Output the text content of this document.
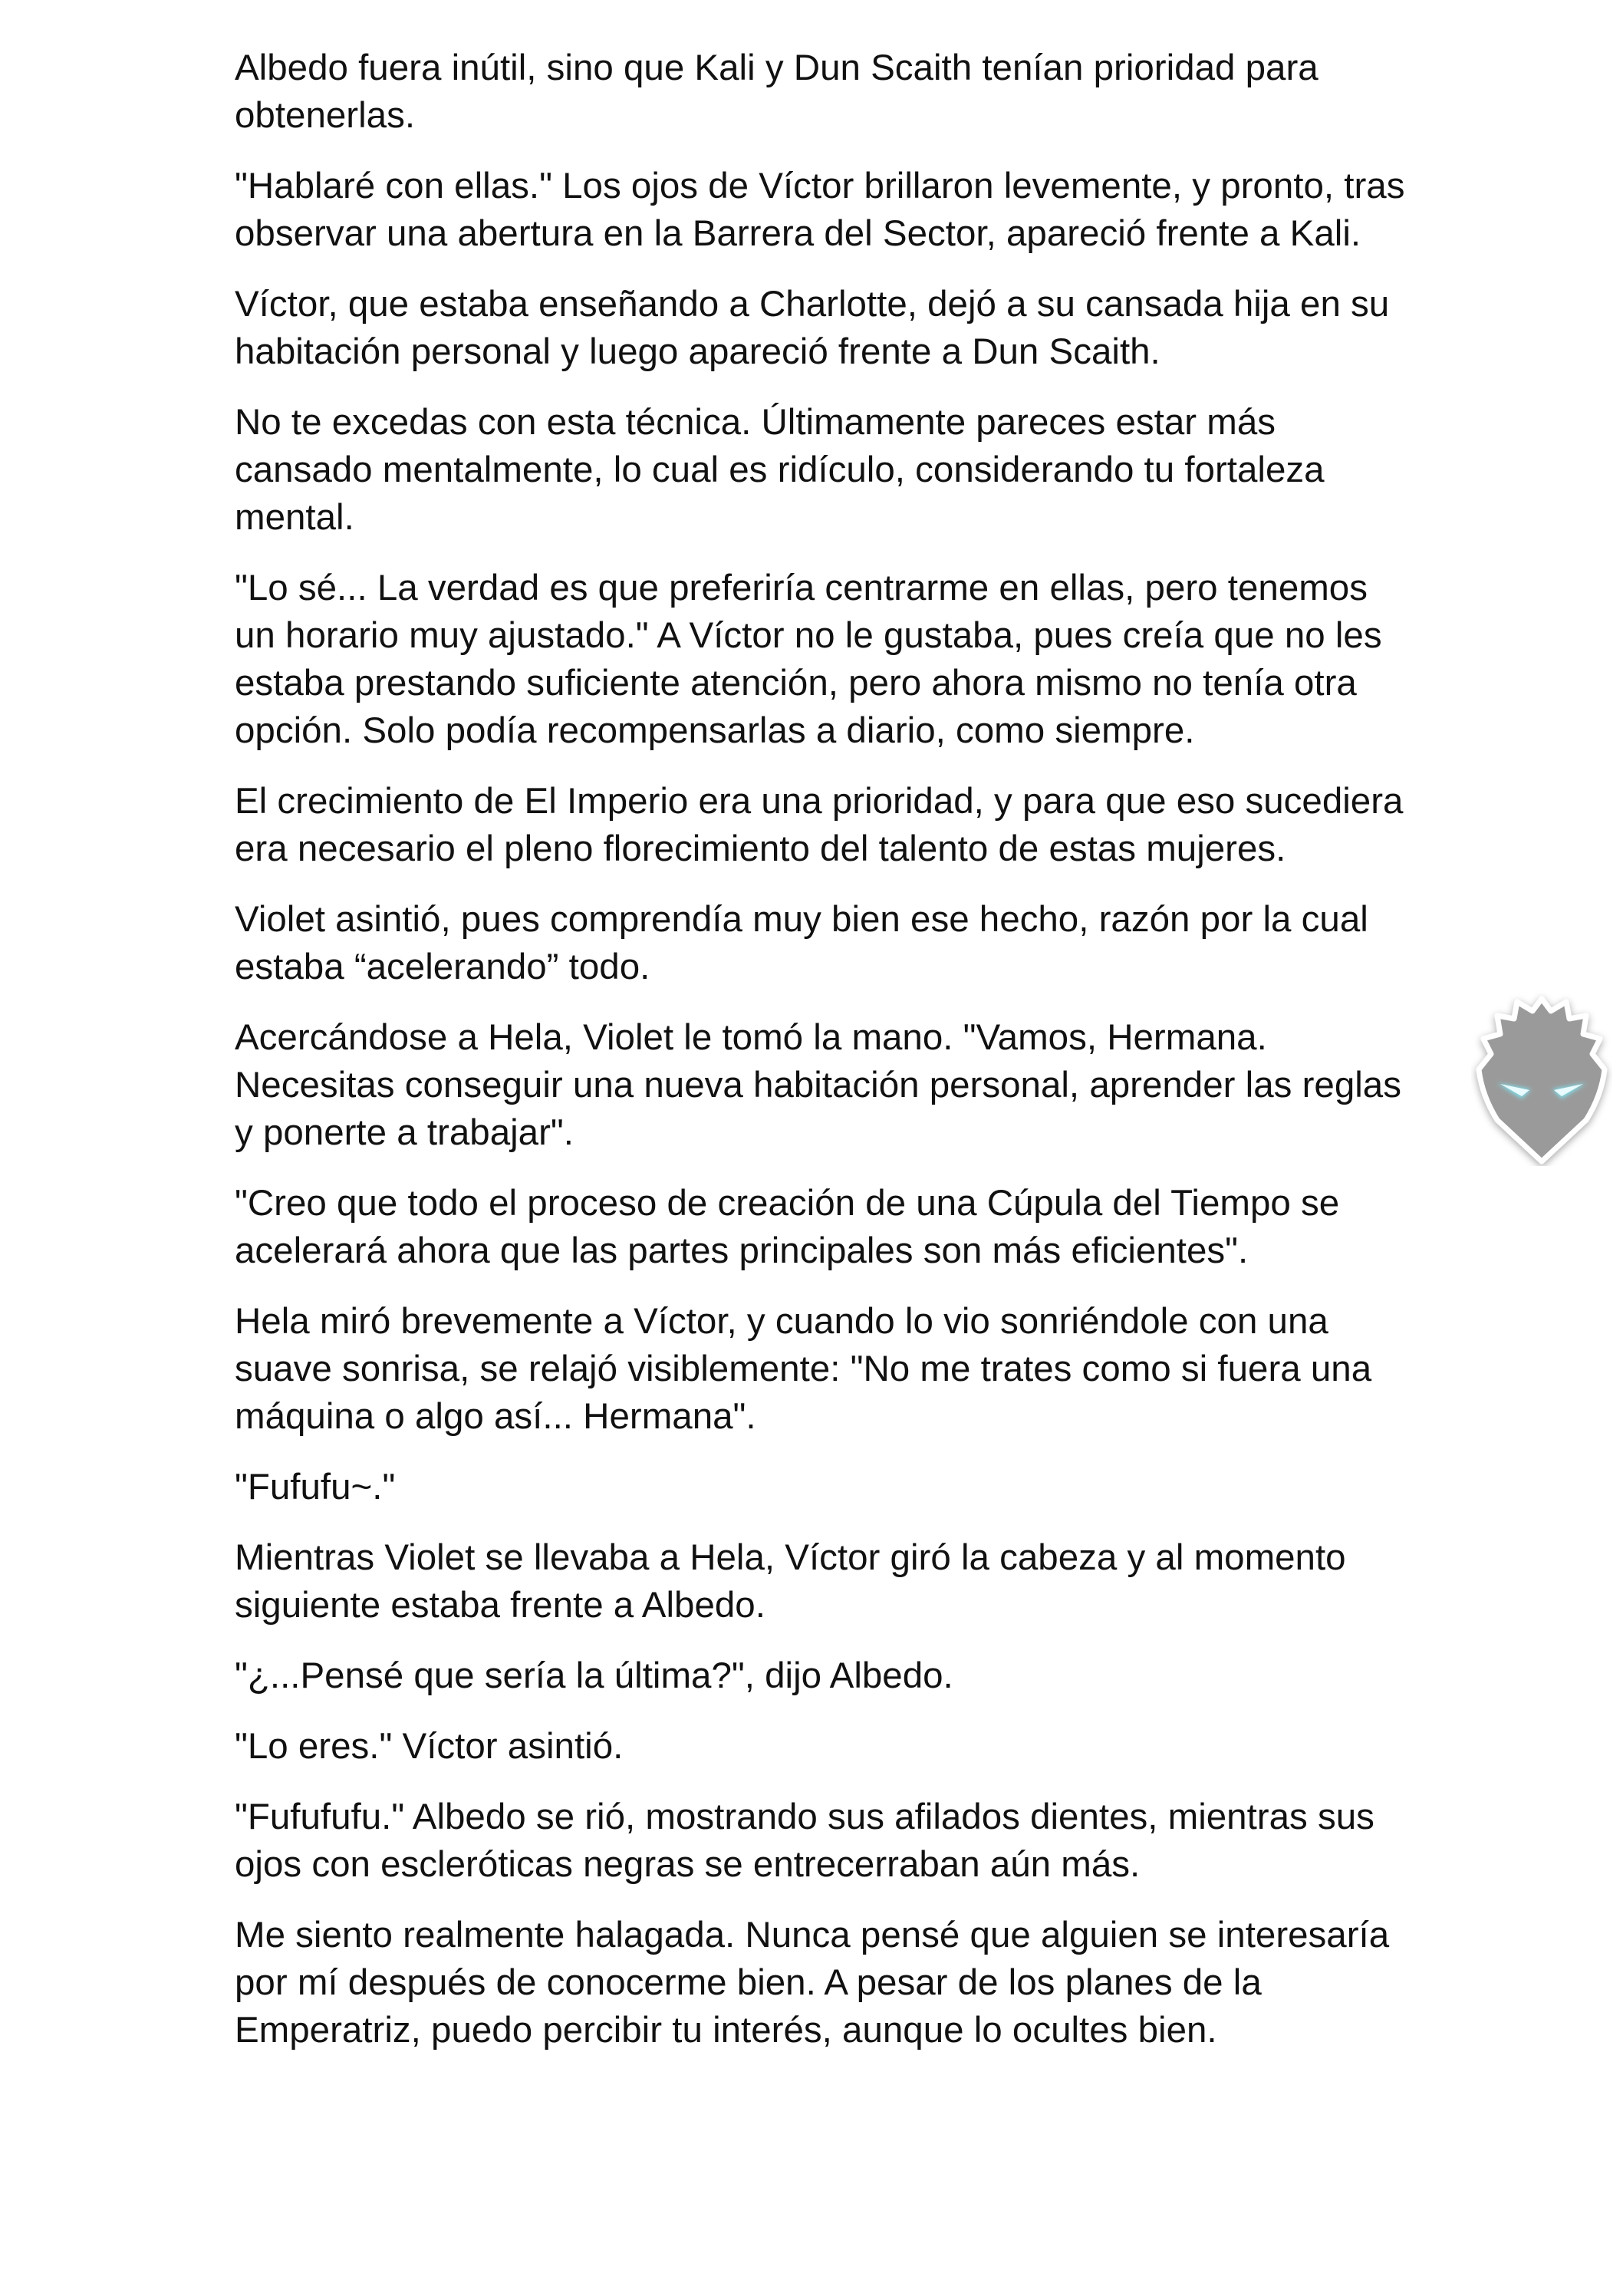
Albedo fuera inútil, sino que Kali y Dun Scaith tenían prioridad para obtenerlas.

"Hablaré con ellas." Los ojos de Víctor brillaron levemente, y pronto, tras observar una abertura en la Barrera del Sector, apareció frente a Kali.

Víctor, que estaba enseñando a Charlotte, dejó a su cansada hija en su habitación personal y luego apareció frente a Dun Scaith.

No te excedas con esta técnica. Últimamente pareces estar más cansado mentalmente, lo cual es ridículo, considerando tu fortaleza mental.

"Lo sé... La verdad es que preferiría centrarme en ellas, pero tenemos un horario muy ajustado." A Víctor no le gustaba, pues creía que no les estaba prestando suficiente atención, pero ahora mismo no tenía otra opción. Solo podía recompensarlas a diario, como siempre.

El crecimiento de El Imperio era una prioridad, y para que eso sucediera era necesario el pleno florecimiento del talento de estas mujeres.

Violet asintió, pues comprendía muy bien ese hecho, razón por la cual estaba “acelerando” todo.

Acercándose a Hela, Violet le tomó la mano. "Vamos, Hermana. Necesitas conseguir una nueva habitación personal, aprender las reglas y ponerte a trabajar".

"Creo que todo el proceso de creación de una Cúpula del Tiempo se acelerará ahora que las partes principales son más eficientes".

Hela miró brevemente a Víctor, y cuando lo vio sonriéndole con una suave sonrisa, se relajó visiblemente: "No me trates como si fuera una máquina o algo así... Hermana".

"Fufufu~."

Mientras Violet se llevaba a Hela, Víctor giró la cabeza y al momento siguiente estaba frente a Albedo.

"¿...Pensé que sería la última?", dijo Albedo.

"Lo eres." Víctor asintió.

"Fufufufu." Albedo se rió, mostrando sus afilados dientes, mientras sus ojos con escleróticas negras se entrecerraban aún más.

Me siento realmente halagada. Nunca pensé que alguien se interesaría por mí después de conocerme bien. A pesar de los planes de la Emperatriz, puedo percibir tu interés, aunque lo ocultes bien.
